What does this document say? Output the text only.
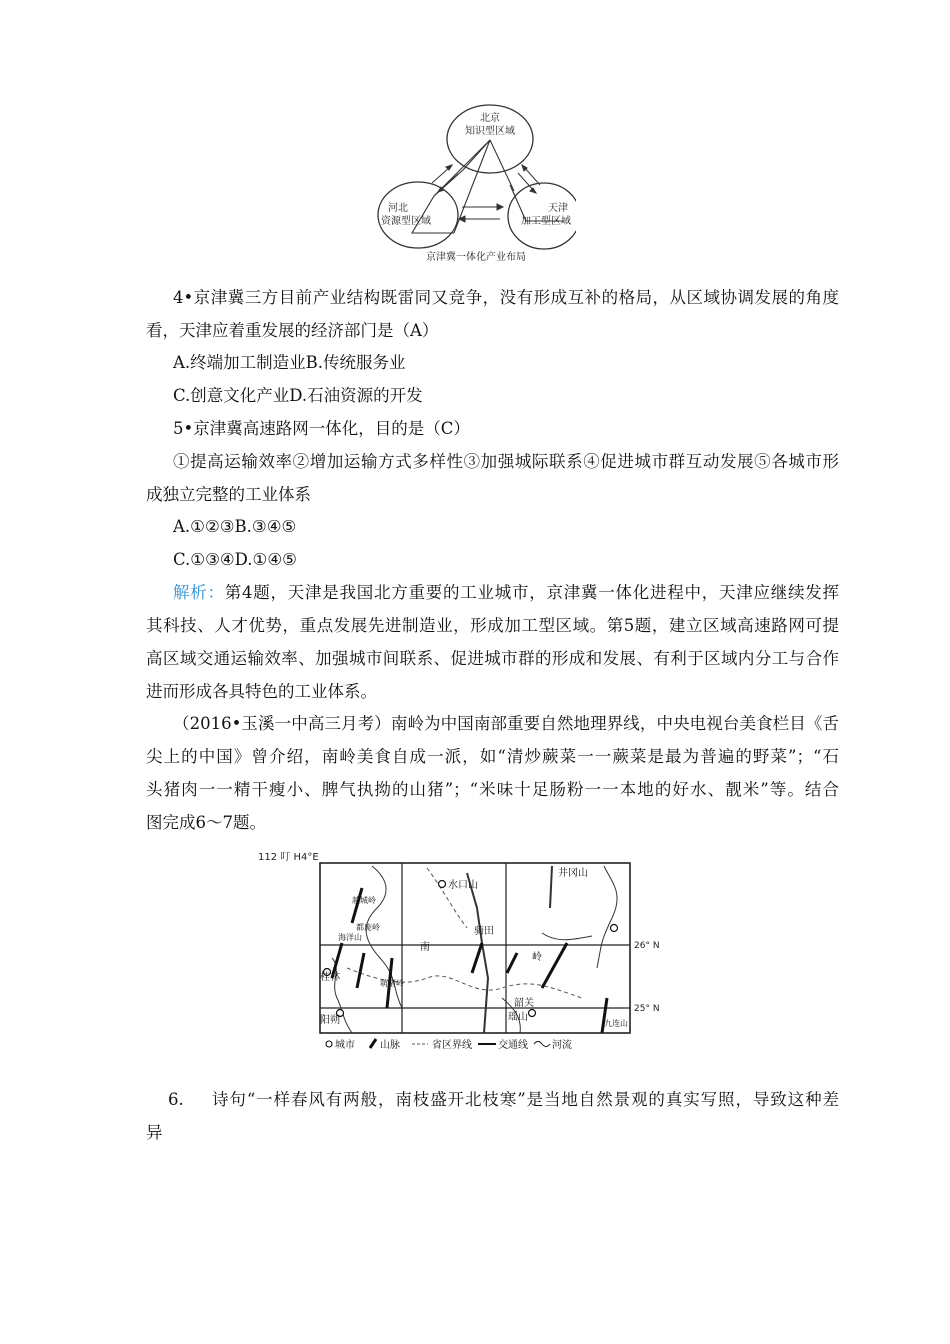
北京
知识型区域
河北
资源型区域
天津
加工型区域
京津冀一体化产业布局
4•京津冀三方目前产业结构既雷同又竞争，没有形成互补的格局，从区域协调发展的角度
看，天津应着重发展的经济部门是（A）
A.终端加工制造业B.传统服务业
C.创意文化产业D.石油资源的开发
5•京津冀高速路网一体化，目的是（C）
①提高运输效率②增加运输方式多样性③加强城际联系④促进城市群互动发展⑤各城市形
成独立完整的工业体系
A.①②③B.③④⑤
C.①③④D.①④⑤
解析：第4题，天津是我国北方重要的工业城市，京津冀一体化进程中，天津应继续发挥
其科技、人才优势，重点发展先进制造业，形成加工型区域。第5题，建立区域高速路网可提
高区域交通运输效率、加强城市间联系、促进城市群的形成和发展、有利于区域内分工与合作
进而形成各具特色的工业体系。
（2016•玉溪一中高三月考）南岭为中国南部重要自然地理界线，中央电视台美食栏目《舌
尖上的中国》曾介绍，南岭美食自成一派，如“清炒蕨菜一一蕨菜是最为普遍的野菜”；“石
头猪肉一一精干瘦小、脾气执拗的山猪”；“米味十足肠粉一一本地的好水、靓米”等。结合
图完成6〜7题。
112 叮 H4°E
26° N
25° N
水口山
井冈山
南
岭
骑田
桂林
阳朔
韶关
瑶山
海洋山
都庞岭
萌渚岭
越城岭
九连山
城市	山脉	省区界线	交通线 河流
6. 诗句“一样春风有两般，南枝盛开北枝寒”是当地自然景观的真实写照，导致这种差
异
